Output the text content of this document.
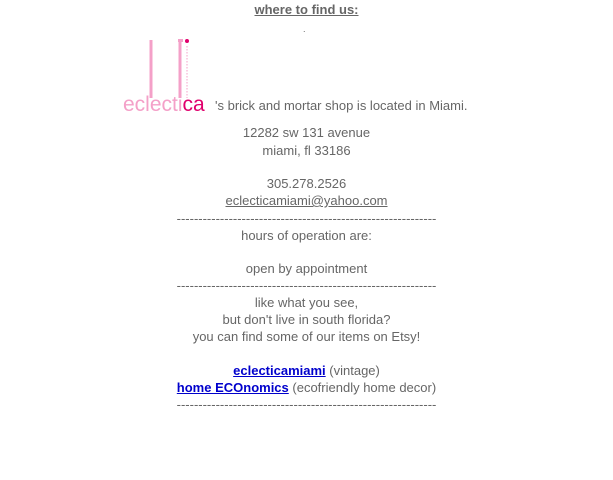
where to find us:
.
eclectica 's brick and mortar shop is located in Miami.
12282 sw 131 avenue
miami, fl 33186
305.278.2526
eclecticamiami@yahoo.com
------------------------------------------------------------
hours of operation are:
open by appointment
------------------------------------------------------------
like what you see,
but don't live in south florida?
you can find some of our items on Etsy!
eclecticamiami (vintage)
home ECOnomics (ecofriendly home decor)
------------------------------------------------------------
